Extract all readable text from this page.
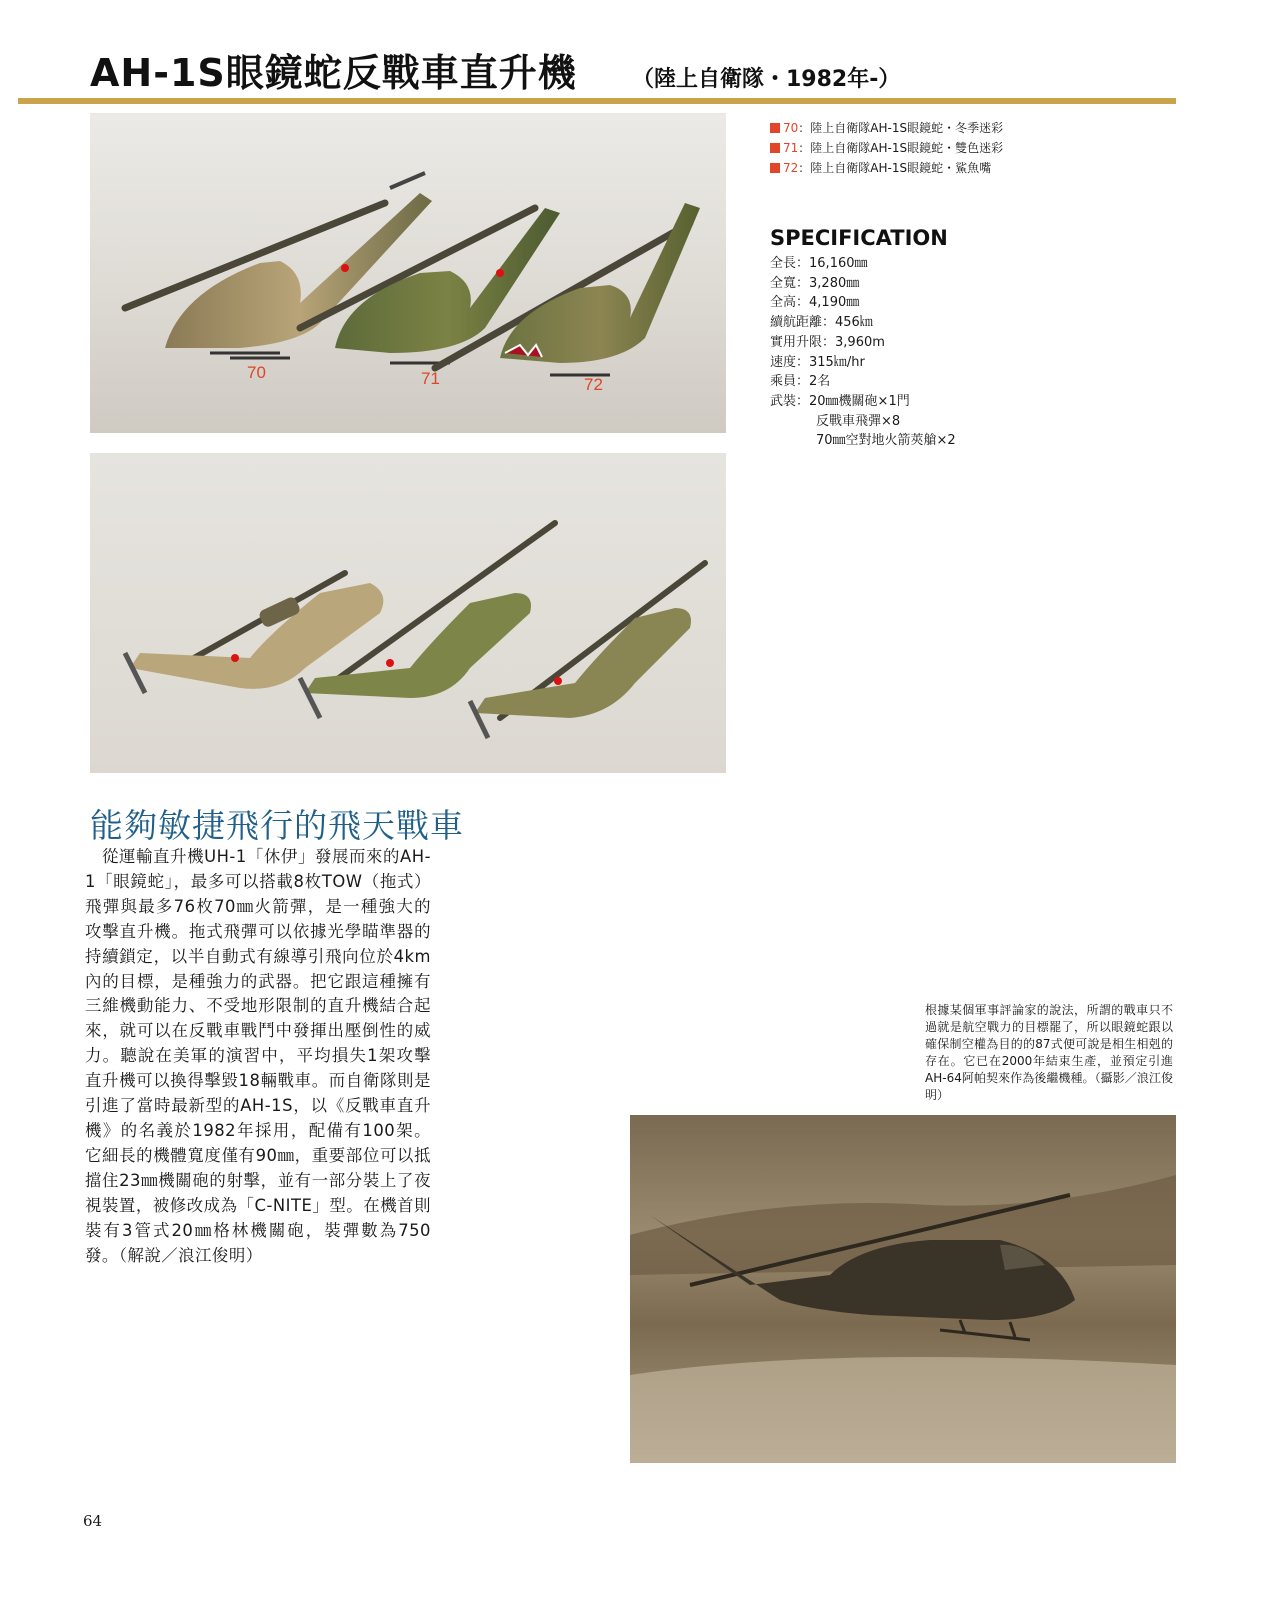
AH-1S眼鏡蛇反戰車直升機	（陸上自衛隊・1982年-）
70	71	72
70：陸上自衛隊AH-1S眼鏡蛇・冬季迷彩
71：陸上自衛隊AH-1S眼鏡蛇・雙色迷彩
72：陸上自衛隊AH-1S眼鏡蛇・鯊魚嘴
SPECIFICATION
全長：16,160㎜
全寬：3,280㎜
全高：4,190㎜
續航距離：456㎞
實用升限：3,960m
速度：315㎞/hr
乘員：2名
武裝：20㎜機關砲×1門
反戰車飛彈×8
70㎜空對地火箭莢艙×2
能夠敏捷飛行的飛天戰車
　從運輸直升機UH-1「休伊」發展而來的AH-1「眼鏡蛇」，最多可以搭載8枚TOW（拖式）飛彈與最多76枚70㎜火箭彈，是一種強大的攻擊直升機。拖式飛彈可以依據光學瞄準器的持續鎖定，以半自動式有線導引飛向位於4km內的目標，是種強力的武器。把它跟這種擁有三維機動能力、不受地形限制的直升機結合起來，就可以在反戰車戰鬥中發揮出壓倒性的威力。聽說在美軍的演習中，平均損失1架攻擊直升機可以換得擊毀18輛戰車。而自衛隊則是引進了當時最新型的AH-1S，以《反戰車直升機》的名義於1982年採用，配備有100架。它細長的機體寬度僅有90㎜，重要部位可以抵擋住23㎜機關砲的射擊，並有一部分裝上了夜視裝置，被修改成為「C-NITE」型。在機首則裝有3管式20㎜格林機關砲，裝彈數為750發。（解說／浪江俊明）
根據某個軍事評論家的說法，所謂的戰車只不過就是航空戰力的目標罷了，所以眼鏡蛇跟以確保制空權為目的的87式便可說是相生相剋的存在。它已在2000年結束生產，並預定引進AH-64阿帕契來作為後繼機種。（攝影／浪江俊明）
64
